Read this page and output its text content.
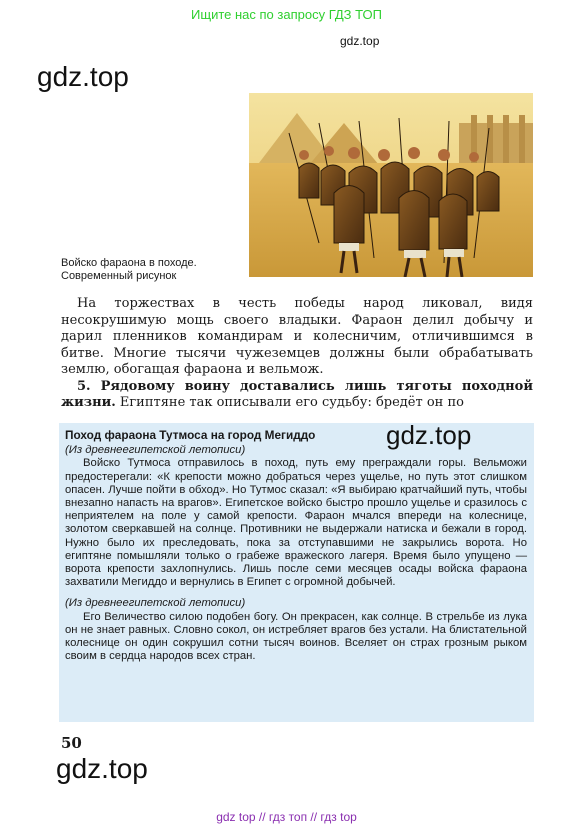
Ищите нас по запросу ГДЗ ТОП
gdz.top
gdz.top
Войско фараона в походе.
Современный рисунок

На торжествах в честь победы народ ликовал, видя несокрушимую мощь своего владыки. Фараон делил добычу и дарил пленников командирам и колесничим, отличившимся в битве. Многие тысячи чужеземцев должны были обрабатывать землю, обогащая фараона и вельмож.

5. Рядовому воину доставались лишь тяготы походной жизни. Египтяне так описывали его судьбу: бредёт он по

Поход фараона Тутмоса на город Мегиддо

(Из древнеегипетской летописи)

Войско Тутмоса отправилось в поход, путь ему преграждали горы. Вельможи предостерегали: «К крепости можно добраться через ущелье, но путь этот слишком опасен. Лучше пойти в обход». Но Тутмос сказал: «Я выбираю кратчайший путь, чтобы внезапно напасть на врагов». Египетское войско быстро прошло ущелье и сразилось с неприятелем на поле у самой крепости. Фараон мчался впереди на колеснице, золотом сверкавшей на солнце. Противники не выдержали натиска и бежали в город. Нужно было их преследовать, пока за отступавшими не закрылись ворота. Но египтяне помышляли только о грабеже вражеского лагеря. Время было упущено — ворота крепости захлопнулись. Лишь после семи месяцев осады войска фараона захватили Мегиддо и вернулись в Египет с огромной добычей.

(Из древнеегипетской летописи)

Его Величество силою подобен богу. Он прекрасен, как солнце. В стрельбе из лука он не знает равных. Словно сокол, он истребляет врагов без устали. На блистательной колеснице он один сокрушил сотни тысяч воинов. Вселяет он страх грозным рыком своим в сердца народов всех стран.

gdz.top
50
gdz.top
gdz top // гдз топ // гдз top
